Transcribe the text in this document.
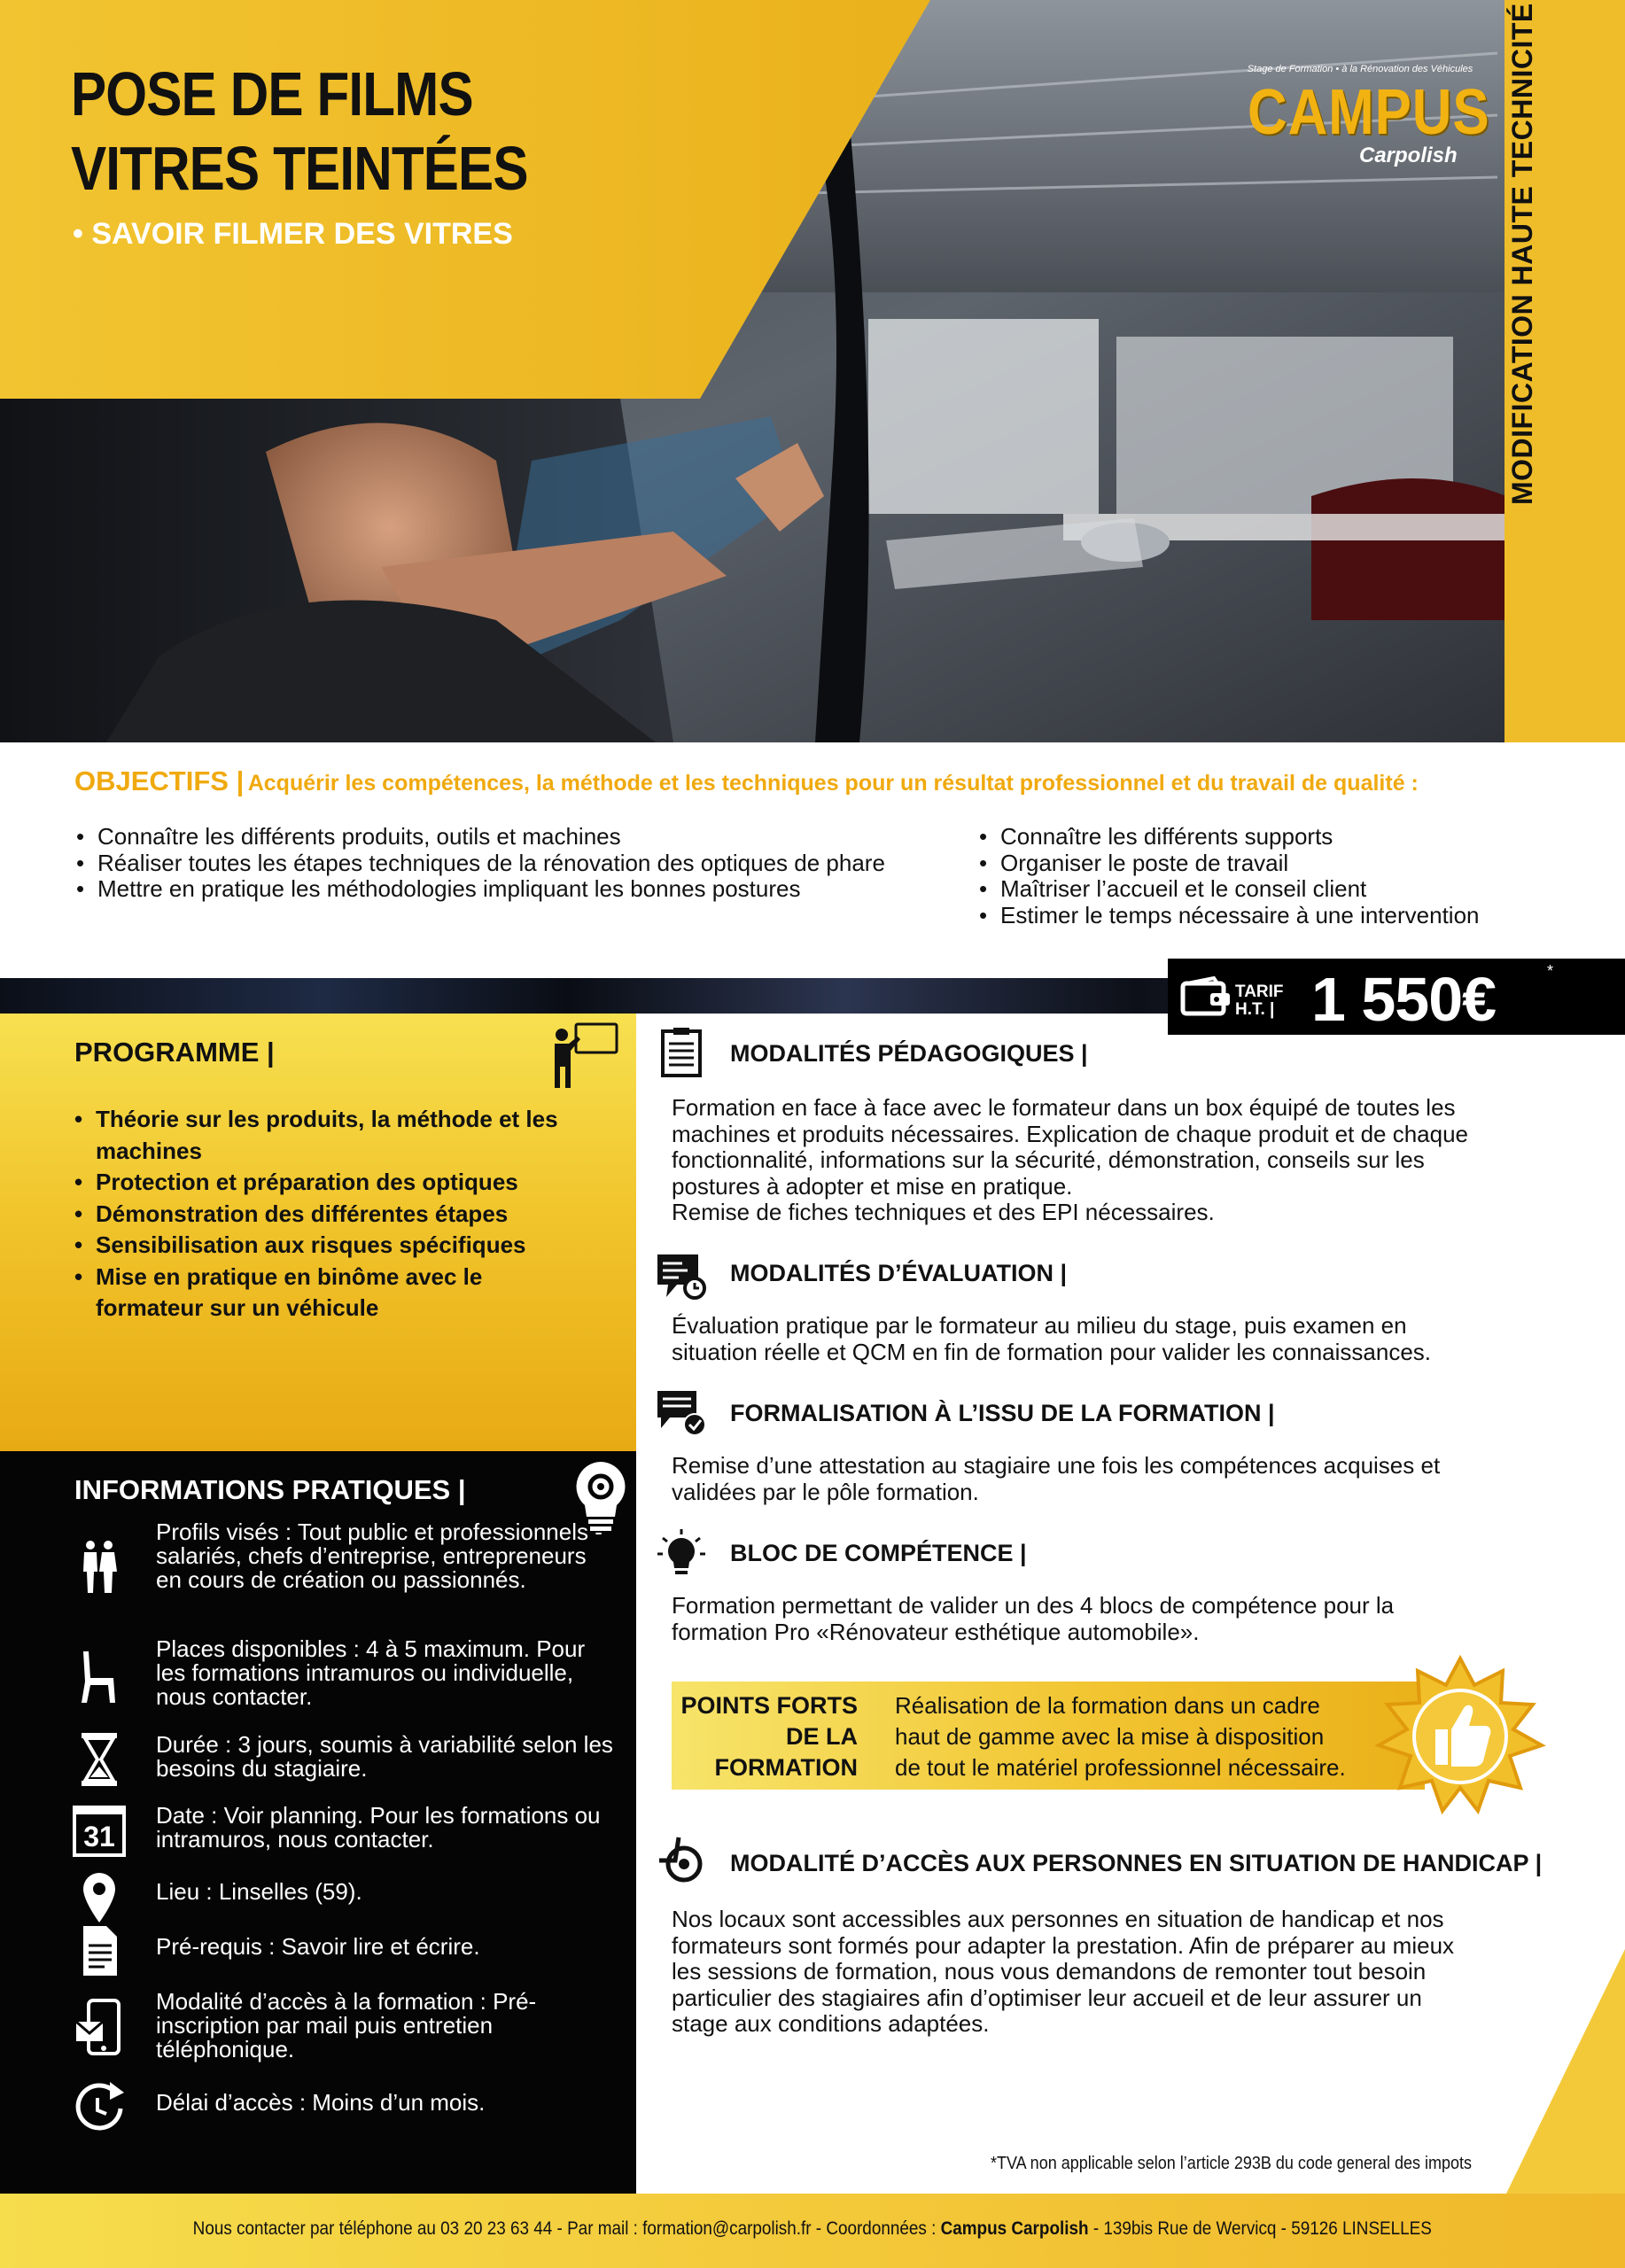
POSE DE FILMS
VITRES TEINTÉES
• SAVOIR FILMER DES VITRES
Stage de Formation • à la Rénovation des Véhicules
CAMPUS
Carpolish MODIFICATION HAUTE TECHNICITÉ
OBJECTIFS | Acquérir les compétences, la méthode et les techniques pour un résultat professionnel et du travail de qualité :
• Connaître les différents produits, outils et machines
• Réaliser toutes les étapes techniques de la rénovation des optiques de phare
• Mettre en pratique les méthodologies impliquant les bonnes postures
• Connaître les différents supports
• Organiser le poste de travail
• Maîtriser l’accueil et le conseil client
• Estimer le temps nécessaire à une intervention
TARIF
H.T. | 1 550€	*
PROGRAMME |
• Théorie sur les produits, la méthode et les machines
• Protection et préparation des optiques
• Démonstration des différentes étapes
• Sensibilisation aux risques spécifiques
• Mise en pratique en binôme avec le formateur sur un véhicule
INFORMATIONS PRATIQUES |
Profils visés : Tout public et professionnels - salariés, chefs d’entreprise, entrepreneurs en cours de création ou passionnés.
Places disponibles : 4 à 5 maximum. Pour les formations intramuros ou individuelle, nous contacter.
Durée : 3 jours, soumis à variabilité selon les besoins du stagiaire.
31
Date : Voir planning. Pour les formations ou intramuros, nous contacter.
Lieu : Linselles (59).
Pré-requis : Savoir lire et écrire.
Modalité d’accès à la formation : Pré-inscription par mail puis entretien téléphonique.
Délai d’accès : Moins d’un mois.
MODALITÉS PÉDAGOGIQUES |
Formation en face à face avec le formateur dans un box équipé de toutes les
machines et produits nécessaires. Explication de chaque produit et de chaque
fonctionnalité, informations sur la sécurité, démonstration, conseils sur les
postures à adopter et mise en pratique.
Remise de fiches techniques et des EPI nécessaires.
MODALITÉS D’ÉVALUATION |
Évaluation pratique par le formateur au milieu du stage, puis examen en
situation réelle et QCM en fin de formation pour valider les connaissances.
FORMALISATION À L’ISSU DE LA FORMATION |
Remise d’une attestation au stagiaire une fois les compétences acquises et
validées par le pôle formation.
BLOC DE COMPÉTENCE |
Formation permettant de valider un des 4 blocs de compétence pour la
formation Pro «Rénovateur esthétique automobile».
POINTS FORTS
DE LA
FORMATION
Réalisation de la formation dans un cadre
haut de gamme avec la mise à disposition
de tout le matériel professionnel nécessaire.
MODALITÉ D’ACCÈS AUX PERSONNES EN SITUATION DE HANDICAP |
Nos locaux sont accessibles aux personnes en situation de handicap et nos
formateurs sont formés pour adapter la prestation. Afin de préparer au mieux
les sessions de formation, nous vous demandons de remonter tout besoin
particulier des stagiaires afin d’optimiser leur accueil et de leur assurer un
stage aux conditions adaptées.
*TVA non applicable selon l’article 293B du code general des impots
Nous contacter par téléphone au 03 20 23 63 44 - Par mail : formation@carpolish.fr - Coordonnées : Campus Carpolish - 139bis Rue de Wervicq - 59126 LINSELLES
